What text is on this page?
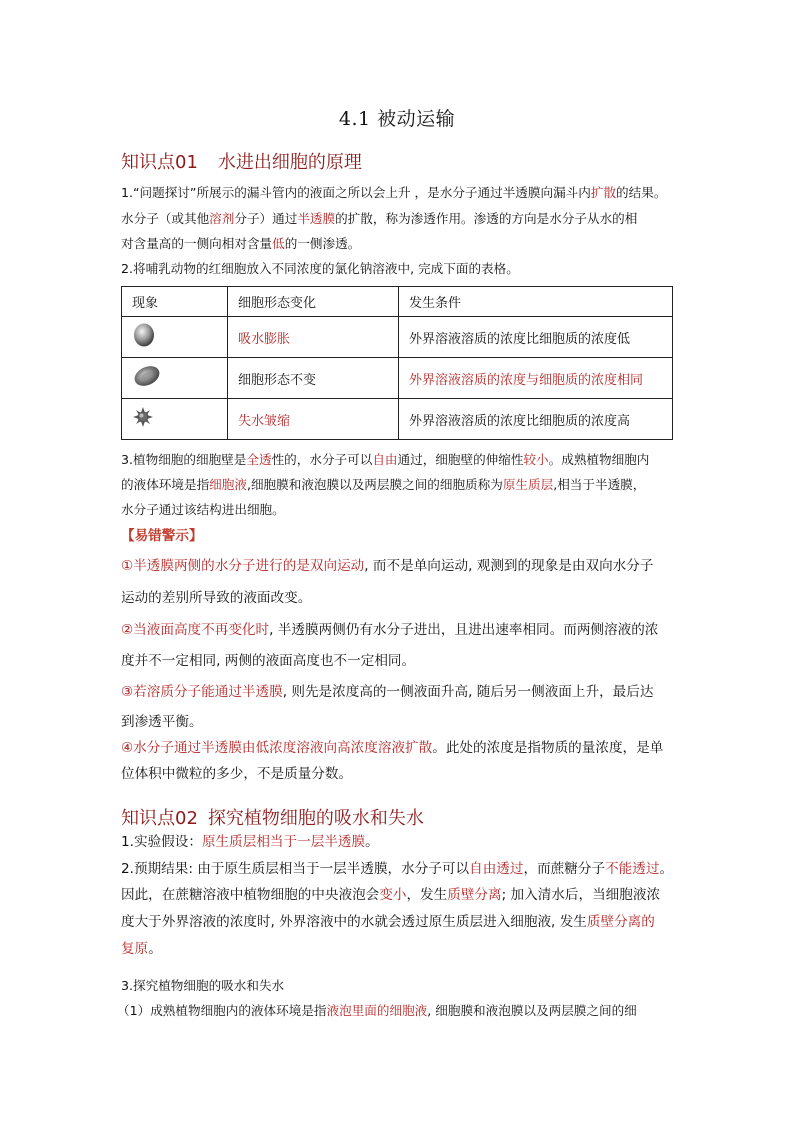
4.1 被动运输
知识点01 水进出细胞的原理
1.“问题探讨”所展示的漏斗管内的液面之所以会上升 ，是水分子通过半透膜向漏斗内扩散的结果。
水分子（或其他溶剂分子）通过半透膜的扩散，称为渗透作用。渗透的方向是水分子从水的相
对含量高的一侧向相对含量低的一侧渗透。
2.将哺乳动物的红细胞放入不同浓度的氯化钠溶液中, 完成下面的表格。
现象	细胞形态变化	发生条件
	吸水膨胀	外界溶液溶质的浓度比细胞质的浓度低
	细胞形态不变	外界溶液溶质的浓度与细胞质的浓度相同
	失水皱缩	外界溶液溶质的浓度比细胞质的浓度高
3.植物细胞的细胞壁是全透性的，水分子可以自由通过，细胞壁的伸缩性较小。成熟植物细胞内
的液体环境是指细胞液,细胞膜和液泡膜以及两层膜之间的细胞质称为原生质层,相当于半透膜，
水分子通过该结构进出细胞。
【易错警示】
①半透膜两侧的水分子进行的是双向运动, 而不是单向运动, 观测到的现象是由双向水分子
运动的差别所导致的液面改变。
②当液面高度不再变化时, 半透膜两侧仍有水分子进出，且进出速率相同。而两侧溶液的浓
度并不一定相同, 两侧的液面高度也不一定相同。
③若溶质分子能通过半透膜, 则先是浓度高的一侧液面升高, 随后另一侧液面上升，最后达
到渗透平衡。
④水分子通过半透膜由低浓度溶液向高浓度溶液扩散。此处的浓度是指物质的量浓度，是单
位体积中微粒的多少，不是质量分数。
知识点02 探究植物细胞的吸水和失水
1.实验假设：原生质层相当于一层半透膜。
2.预期结果: 由于原生质层相当于一层半透膜，水分子可以自由透过，而蔗糖分子不能透过。
因此，在蔗糖溶液中植物细胞的中央液泡会变小，发生质壁分离; 加入清水后，当细胞液浓
度大于外界溶液的浓度时, 外界溶液中的水就会透过原生质层进入细胞液, 发生质壁分离的
复原。
3.探究植物细胞的吸水和失水
（1）成熟植物细胞内的液体环境是指液泡里面的细胞液, 细胞膜和液泡膜以及两层膜之间的细
